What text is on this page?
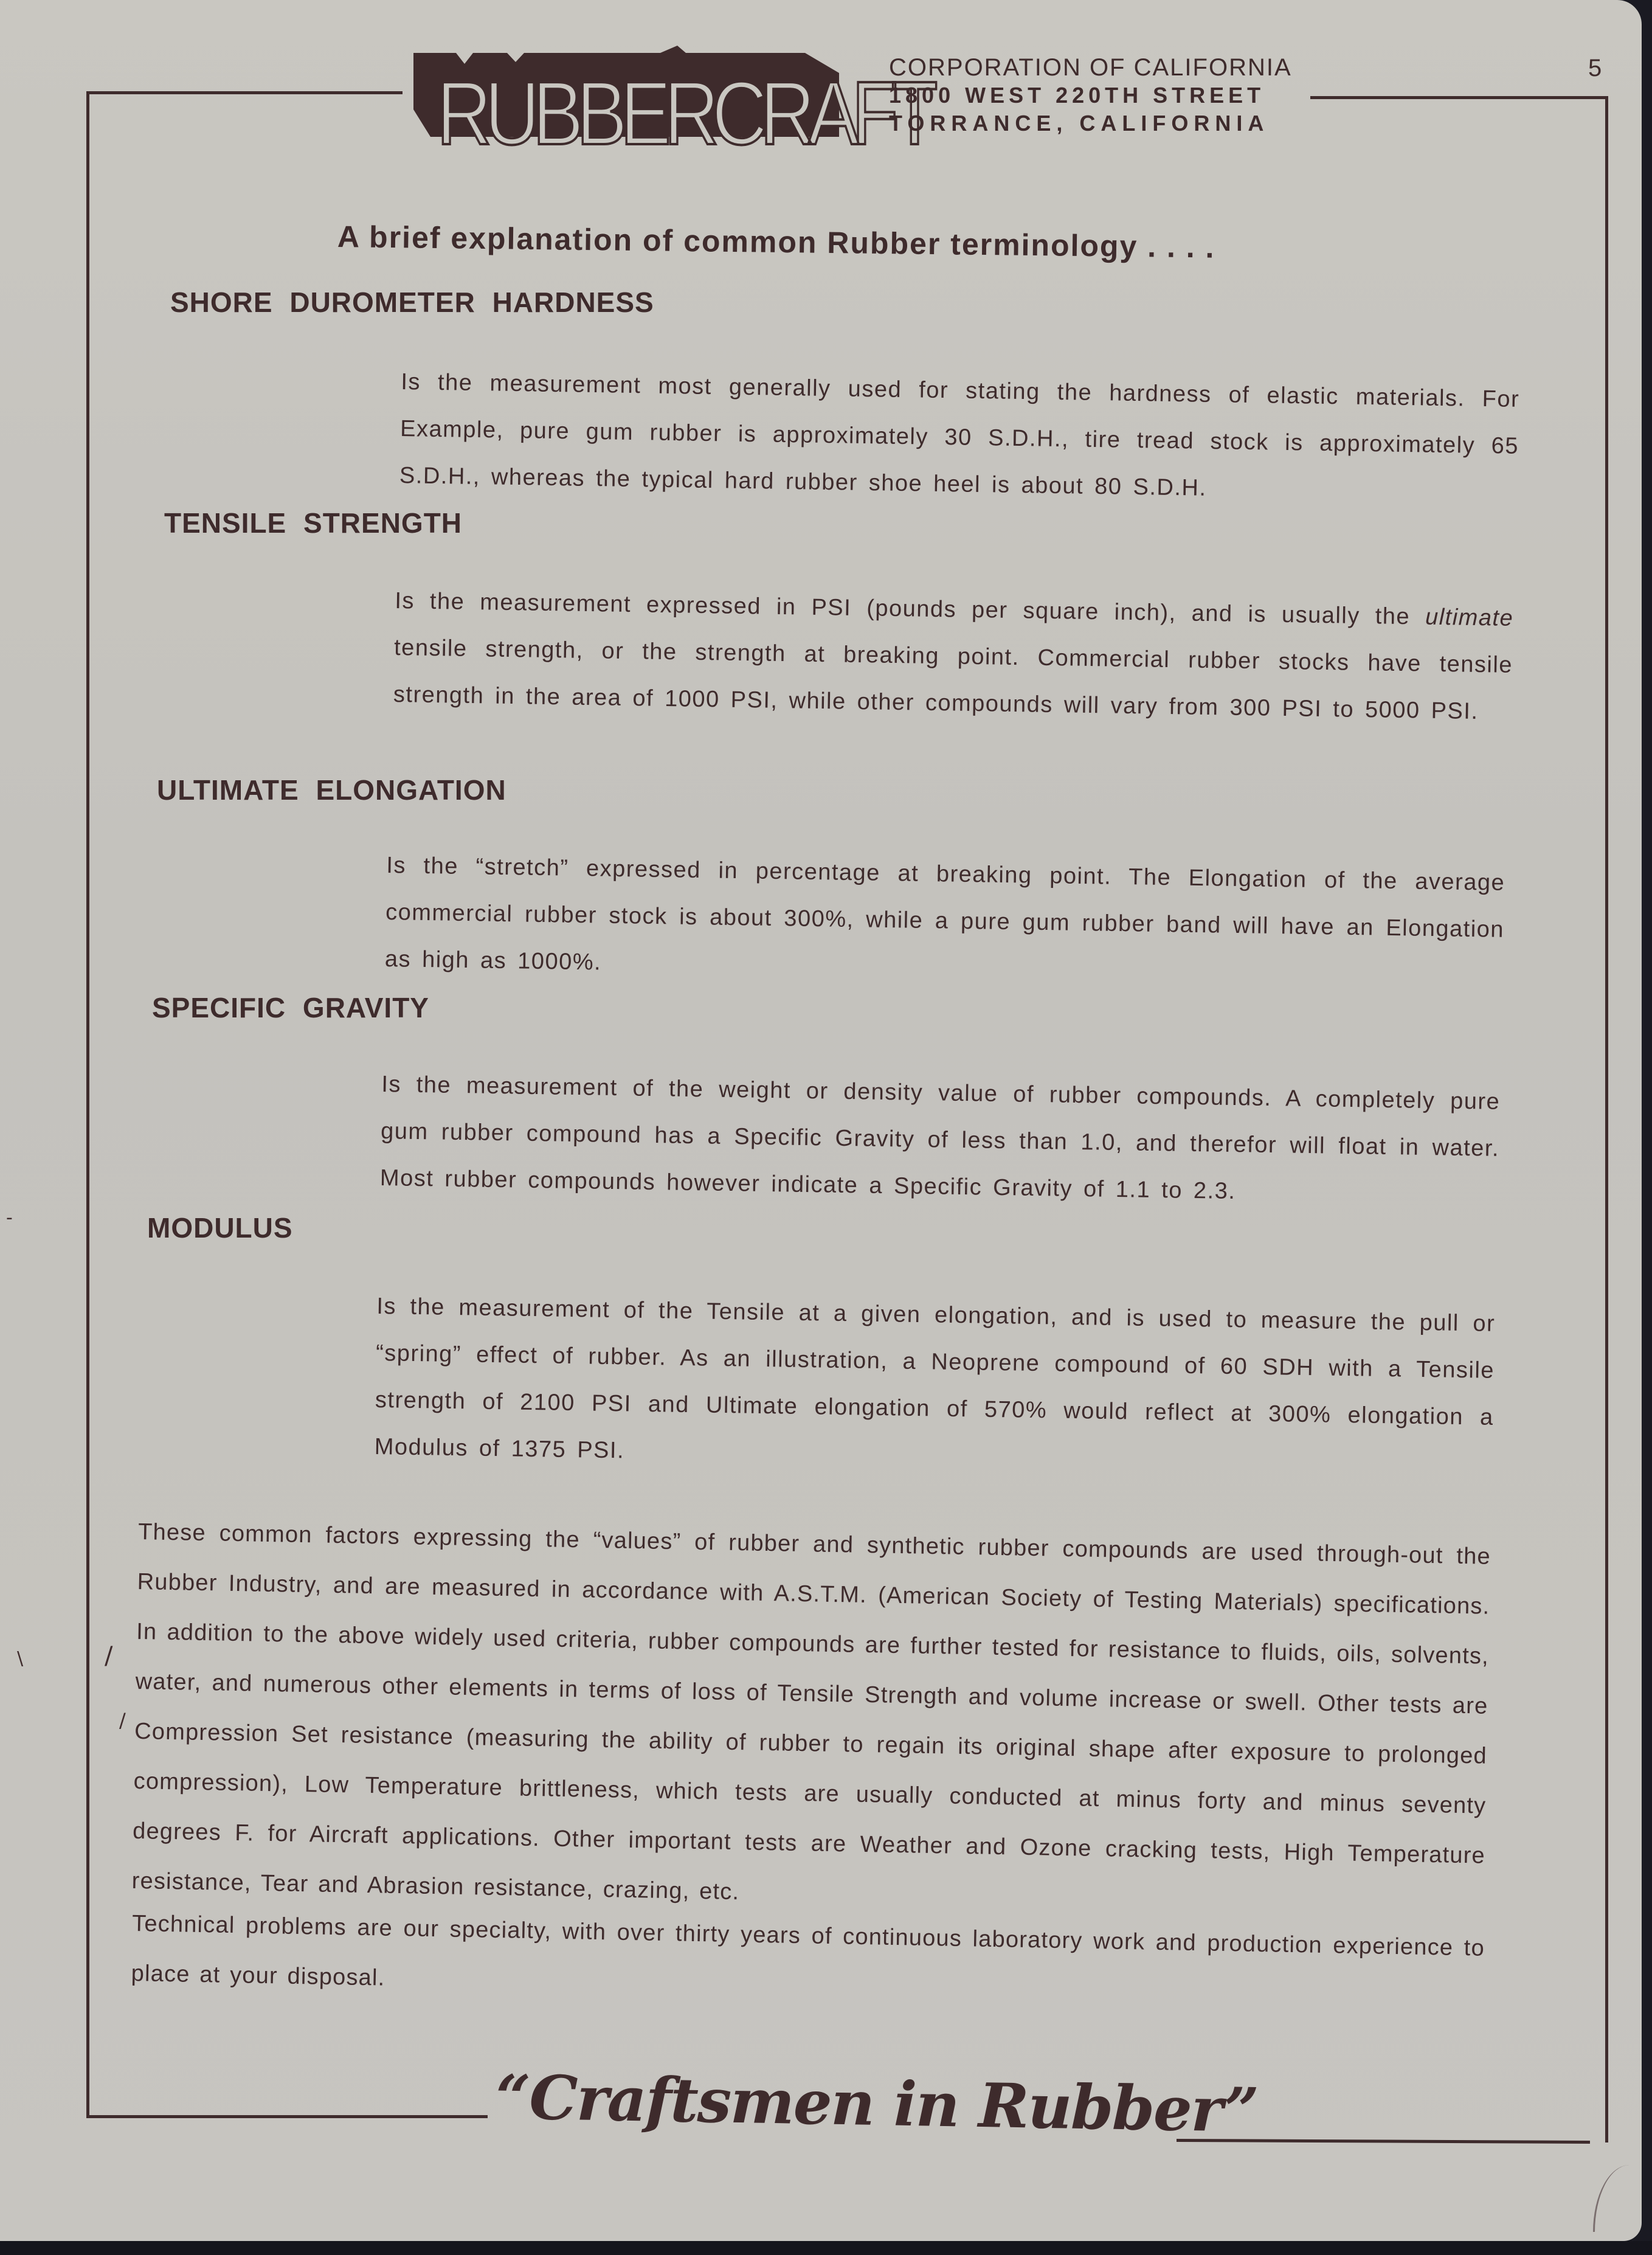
RUBBERCRAFT
CORPORATION OF CALIFORNIA
1800 WEST 220TH STREET
TORRANCE, CALIFORNIA
5
A brief explanation of common Rubber terminology . . . .
SHORE DUROMETER HARDNESS
Is the measurement most generally used for stating the hardness of elastic materials. For Example, pure gum rubber is approximately 30 S.D.H., tire tread stock is approximately 65 S.D.H., whereas the typical hard rubber shoe heel is about 80 S.D.H.
TENSILE STRENGTH
Is the measurement expressed in PSI (pounds per square inch), and is usually the ultimate tensile strength, or the strength at breaking point. Commercial rubber stocks have tensile strength in the area of 1000 PSI, while other compounds will vary from 300 PSI to 5000 PSI.
ULTIMATE ELONGATION
Is the “stretch” expressed in percentage at breaking point. The Elongation of the average commercial rubber stock is about 300%, while a pure gum rubber band will have an Elongation as high as 1000%.
SPECIFIC GRAVITY
Is the measurement of the weight or density value of rubber compounds. A completely pure gum rubber compound has a Specific Gravity of less than 1.0, and therefor will float in water. Most rubber compounds however indicate a Specific Gravity of 1.1 to 2.3.
MODULUS
Is the measurement of the Tensile at a given elongation, and is used to measure the pull or “spring” effect of rubber. As an illustration, a Neoprene compound of 60 SDH with a Tensile strength of 2100 PSI and Ultimate elongation of 570% would reflect at 300% elongation a Modulus of 1375 PSI.
These common factors expressing the “values” of rubber and synthetic rubber compounds are used through-out the Rubber Industry, and are measured in accordance with A.S.T.M. (American Society of Testing Materials) specifications. In addition to the above widely used criteria, rubber compounds are further tested for resistance to fluids, oils, solvents, water, and numerous other elements in terms of loss of Tensile Strength and volume increase or swell. Other tests are Compression Set resistance (measuring the ability of rubber to regain its original shape after exposure to prolonged compression), Low Temperature brittleness, which tests are usually conducted at minus forty and minus seventy degrees F. for Aircraft applications. Other important tests are Weather and Ozone cracking tests, High Temperature resistance, Tear and Abrasion resistance, crazing, etc.
Technical problems are our specialty, with over thirty years of continuous laboratory work and production experience to place at your disposal.
“Craftsmen in Rubber”
/
/
\
-
